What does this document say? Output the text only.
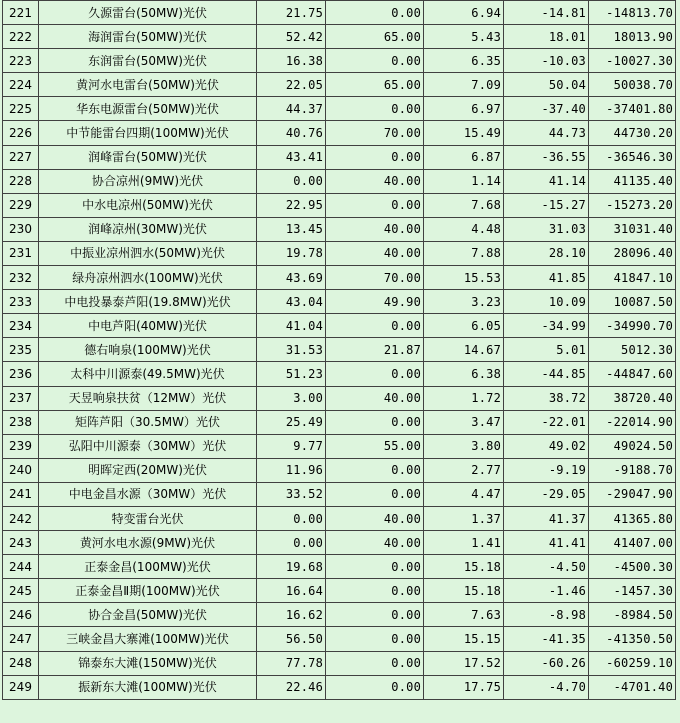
221	久源雷台(50MW)光伏	21.75	0.00	6.94	-14.81	-14813.70
222	海润雷台(50MW)光伏	52.42	65.00	5.43	18.01	18013.90
223	东润雷台(50MW)光伏	16.38	0.00	6.35	-10.03	-10027.30
224	黄河水电雷台(50MW)光伏	22.05	65.00	7.09	50.04	50038.70
225	华东电源雷台(50MW)光伏	44.37	0.00	6.97	-37.40	-37401.80
226	中节能雷台四期(100MW)光伏	40.76	70.00	15.49	44.73	44730.20
227	润峰雷台(50MW)光伏	43.41	0.00	6.87	-36.55	-36546.30
228	协合凉州(9MW)光伏	0.00	40.00	1.14	41.14	41135.40
229	中水电凉州(50MW)光伏	22.95	0.00	7.68	-15.27	-15273.20
230	润峰凉州(30MW)光伏	13.45	40.00	4.48	31.03	31031.40
231	中振业凉州泗水(50MW)光伏	19.78	40.00	7.88	28.10	28096.40
232	绿舟凉州泗水(100MW)光伏	43.69	70.00	15.53	41.85	41847.10
233	中电投暴泰芦阳(19.8MW)光伏	43.04	49.90	3.23	10.09	10087.50
234	中电芦阳(40MW)光伏	41.04	0.00	6.05	-34.99	-34990.70
235	德右响泉(100MW)光伏	31.53	21.87	14.67	5.01	5012.30
236	太科中川源泰(49.5MW)光伏	51.23	0.00	6.38	-44.85	-44847.60
237	天昱响泉扶贫（12MW）光伏	3.00	40.00	1.72	38.72	38720.40
238	矩阵芦阳（30.5MW）光伏	25.49	0.00	3.47	-22.01	-22014.90
239	弘阳中川源泰（30MW）光伏	9.77	55.00	3.80	49.02	49024.50
240	明晖定西(20MW)光伏	11.96	0.00	2.77	-9.19	-9188.70
241	中电金昌水源（30MW）光伏	33.52	0.00	4.47	-29.05	-29047.90
242	特变雷台光伏	0.00	40.00	1.37	41.37	41365.80
243	黄河水电水源(9MW)光伏	0.00	40.00	1.41	41.41	41407.00
244	正泰金昌(100MW)光伏	19.68	0.00	15.18	-4.50	-4500.30
245	正泰金昌Ⅱ期(100MW)光伏	16.64	0.00	15.18	-1.46	-1457.30
246	协合金昌(50MW)光伏	16.62	0.00	7.63	-8.98	-8984.50
247	三峡金昌大寨滩(100MW)光伏	56.50	0.00	15.15	-41.35	-41350.50
248	锦泰东大滩(150MW)光伏	77.78	0.00	17.52	-60.26	-60259.10
249	振新东大滩(100MW)光伏	22.46	0.00	17.75	-4.70	-4701.40
